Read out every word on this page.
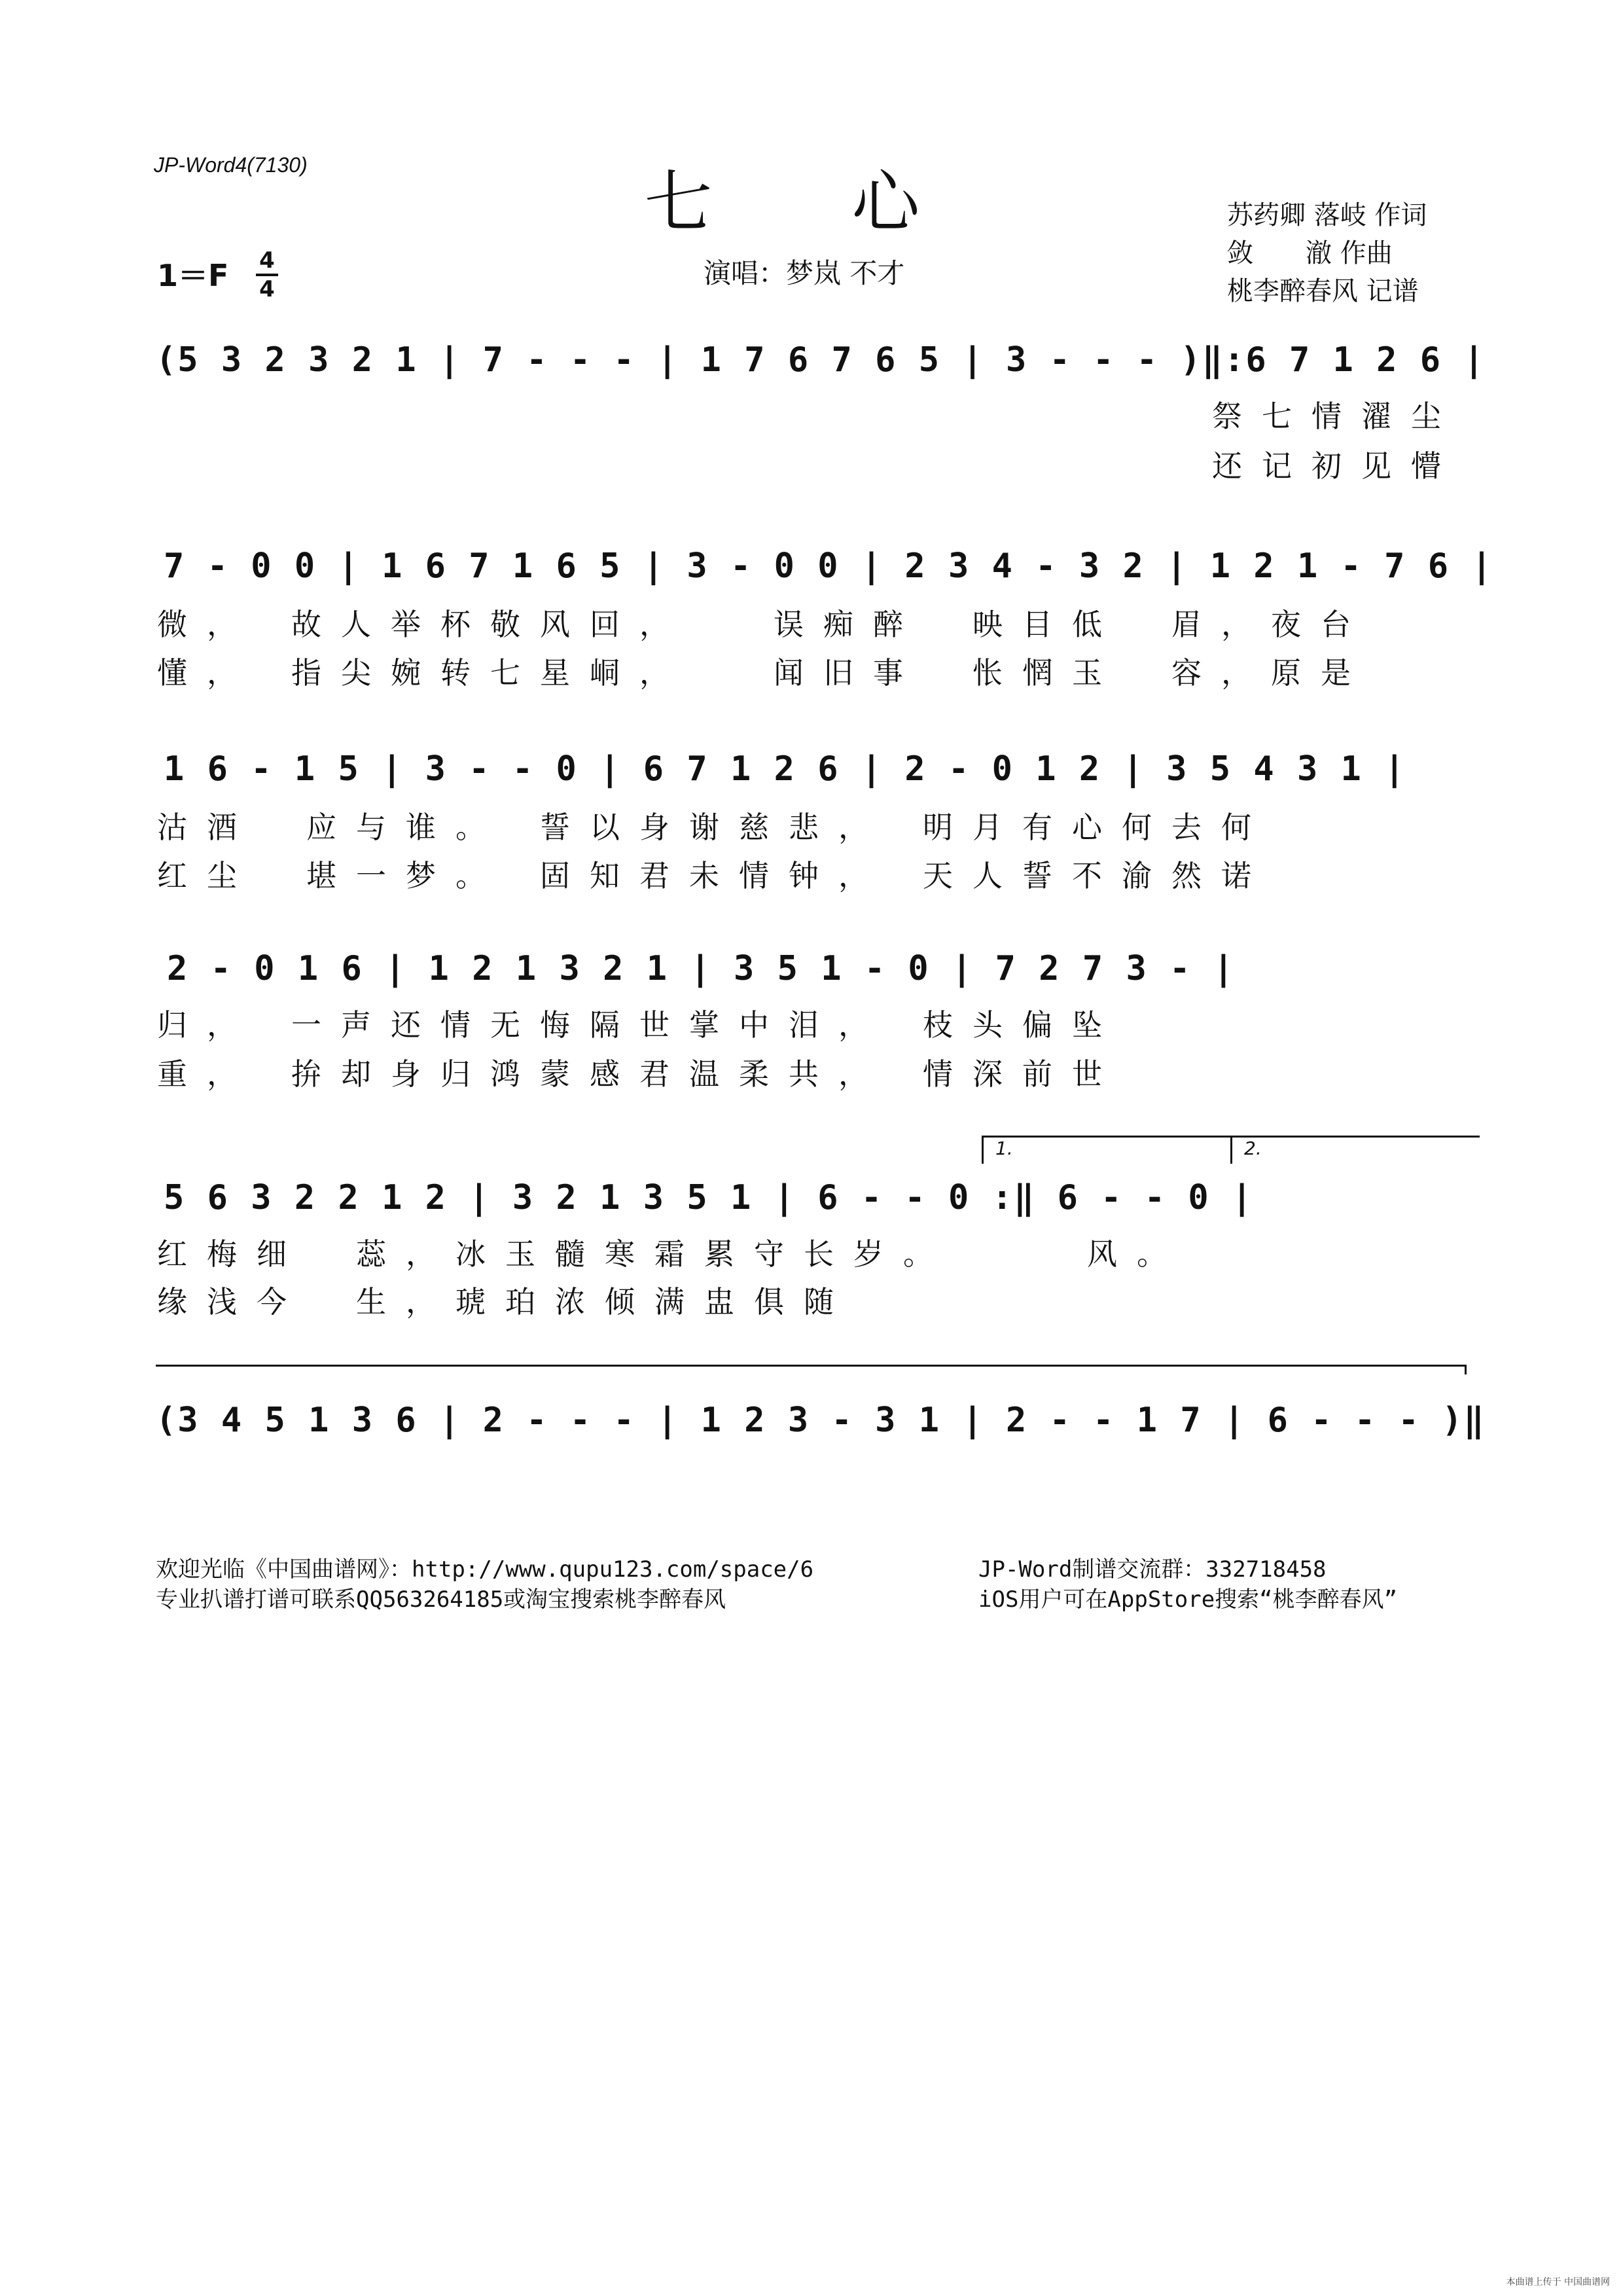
JP-Word4(7130)	七 心
演唱：梦岚 不才
苏药卿 落岐 作词
敛　　澈 作曲
桃李醉春风 记谱
1＝F 4
4
(5 3 2 3 2 1 | 7 - - - | 1 7 6 7 6 5 | 3 - - - )‖:6 7 1 2 6 |
祭七情濯尘
还记初见懵
7 - 0 0 | 1 6 7 1 6 5 | 3 - 0 0 | 2 3 4 - 3 2 | 1 2 1 - 7 6 |
微，　故人举杯敬风回，　　误痴醉　映目低　眉，夜台
懂，　指尖婉转七星峒，　　闻旧事　怅惘玉　容，原是
1 6 - 1 5 | 3 - - 0 | 6 7 1 2 6 | 2 - 0 1 2 | 3 5 4 3 1 |
沽酒　应与谁。　誓以身谢慈悲，　明月有心何去何
红尘　堪一梦。　固知君未情钟，　天人誓不渝然诺
2 - 0 1 6 | 1 2 1 3 2 1 | 3 5 1 - 0 | 7 2 7 3 - |
归，　一声还情无悔隔世掌中泪，　枝头偏坠
重，　拚却身归鸿蒙感君温柔共，　情深前世
1.	2.
5 6 3 2 2 1 2 | 3 2 1 3 5 1 | 6 - - 0 :‖ 6 - - 0 |
红梅细　蕊，冰玉髓寒霜累守长岁。　　　风。
缘浅今　生，琥珀浓倾满盅俱随
(3 4 5 1 3 6 | 2 - - - | 1 2 3 - 3 1 | 2 - - 1 7 | 6 - - - )‖
欢迎光临《中国曲谱网》：http://www.qupu123.com/space/6	JP-Word制谱交流群：332718458
专业扒谱打谱可联系QQ563264185或淘宝搜索桃李醉春风	iOS用户可在AppStore搜索“桃李醉春风”
本曲谱上传于 中国曲谱网
